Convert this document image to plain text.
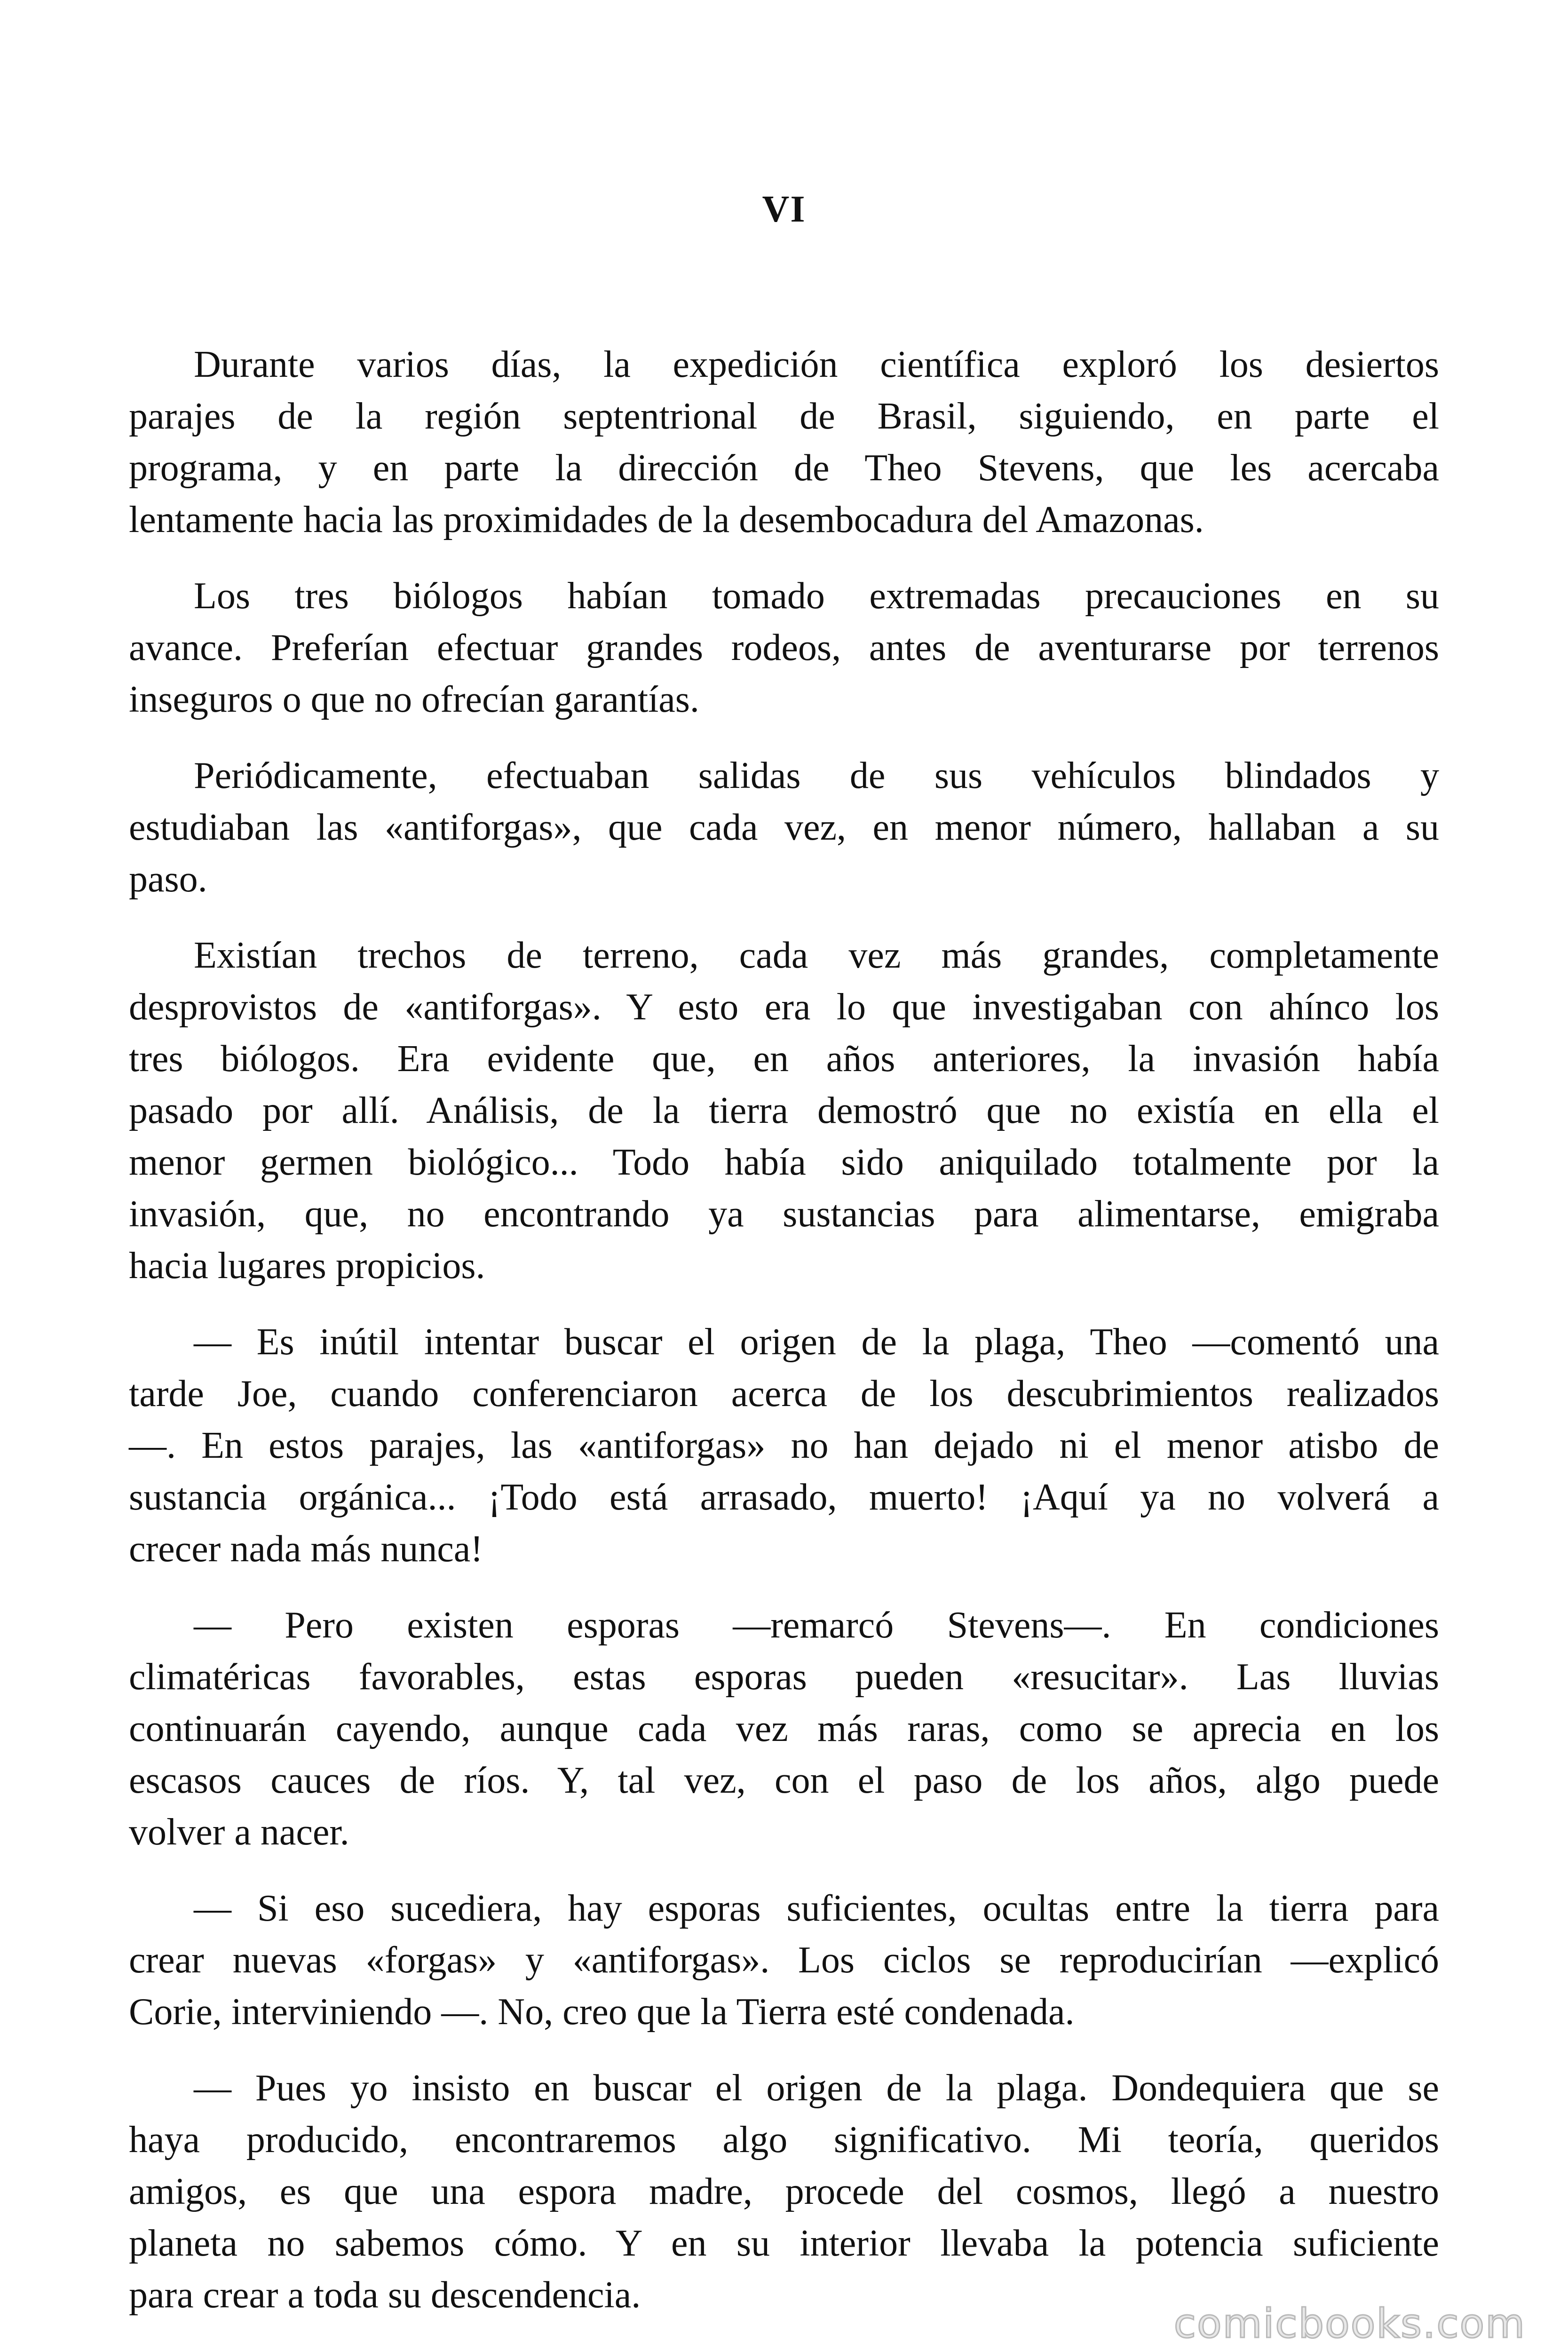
VI

Durante varios días, la expedición científica exploró los desiertos
parajes de la región septentrional de Brasil, siguiendo, en parte el
programa, y en parte la dirección de Theo Stevens, que les acercaba
lentamente hacia las proximidades de la desembocadura del Amazonas.

Los tres biólogos habían tomado extremadas precauciones en su
avance. Preferían efectuar grandes rodeos, antes de aventurarse por terrenos
inseguros o que no ofrecían garantías.

Periódicamente, efectuaban salidas de sus vehículos blindados y
estudiaban las «antiforgas», que cada vez, en menor número, hallaban a su
paso.

Existían trechos de terreno, cada vez más grandes, completamente
desprovistos de «antiforgas». Y esto era lo que investigaban con ahínco los
tres biólogos. Era evidente que, en años anteriores, la invasión había
pasado por allí. Análisis, de la tierra demostró que no existía en ella el
menor germen biológico... Todo había sido aniquilado totalmente por la
invasión, que, no encontrando ya sustancias para alimentarse, emigraba
hacia lugares propicios.

— Es inútil intentar buscar el origen de la plaga, Theo —comentó una
tarde Joe, cuando conferenciaron acerca de los descubrimientos realizados
—. En estos parajes, las «antiforgas» no han dejado ni el menor atisbo de
sustancia orgánica... ¡Todo está arrasado, muerto! ¡Aquí ya no volverá a
crecer nada más nunca!

— Pero existen esporas —remarcó Stevens—. En condiciones
climatéricas favorables, estas esporas pueden «resucitar». Las lluvias
continuarán cayendo, aunque cada vez más raras, como se aprecia en los
escasos cauces de ríos. Y, tal vez, con el paso de los años, algo puede
volver a nacer.

— Si eso sucediera, hay esporas suficientes, ocultas entre la tierra para
crear nuevas «forgas» y «antiforgas». Los ciclos se reproducirían —explicó
Corie, interviniendo —. No, creo que la Tierra esté condenada.

— Pues yo insisto en buscar el origen de la plaga. Dondequiera que se
haya producido, encontraremos algo significativo. Mi teoría, queridos
amigos, es que una espora madre, procede del cosmos, llegó a nuestro
planeta no sabemos cómo. Y en su interior llevaba la potencia suficiente
para crear a toda su descendencia.

comicbooks.com
